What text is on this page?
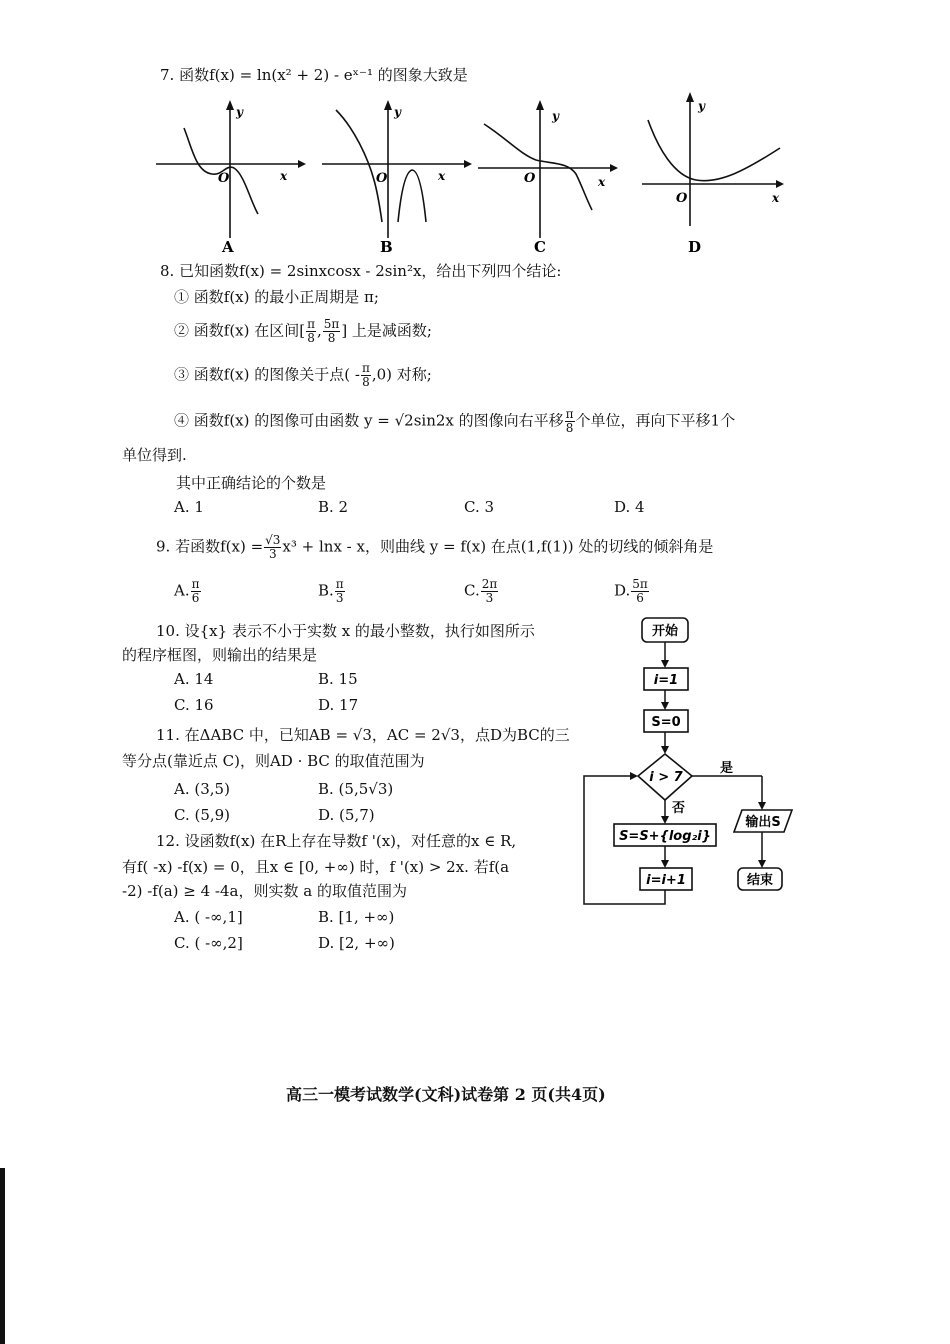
7. 函数f(x) = ln(x² + 2) - eˣ⁻¹ 的图象大致是
y
x
O
A
y
x
O
B
y
x
O
C
y
x
O
D
8. 已知函数f(x) = 2sinxcosx - 2sin²x，给出下列四个结论:
① 函数f(x) 的最小正周期是 π;
② 函数f(x) 在区间[ $\frac{\pi}{8}$ , $\frac{5\pi}{8}$ ] 上是减函数;
③ 函数f(x) 的图像关于点( - $\frac{\pi}{8} ,0$) 对称;
④ 函数f(x) 的图像可由函数 y = √2sin2x 的图像向右平移 $\frac{\pi}{8}$ 个单位，再向下平移1个
单位得到.
其中正确结论的个数是
A. 1	B. 2	C. 3	D. 4
9. 若函数$f(x) = \frac{√3}{3} x^3 + \ln x - x$，则曲线 y = f(x) 在点(1,f(1)) 处的切线的倾斜角是
A. $\frac{\pi}{6}$	B. $\frac{\pi}{3}$	C. $\frac{2\pi}{3}$	D. $\frac{5\pi}{6}$
10. 设{x} 表示不小于实数 x 的最小整数，执行如图所示
的程序框图，则输出的结果是
A. 14	B. 15
C. 16	D. 17
11. 在ΔABC 中，已知AB = √3，AC = 2√3，点D为BC的三
等分点(靠近点 C)，则AD · BC 的取值范围为
A. (3,5)	B. (5,5√3)
C. (5,9)	D. (5,7)
12. 设函数f(x) 在R上存在导数f '(x)，对任意的x ∈ R,
有f( -x) -f(x) = 0，且x ∈ [0, +∞) 时，f '(x) > 2x. 若f(a
-2) -f(a) ≥ 4 -4a，则实数 a 的取值范围为
A. ( -∞,1]	B. [1, +∞)
C. ( -∞,2]	D. [2, +∞)
开始
i=1
S=0
i > 7
是
输出S
结束
否
S=S+{log₂i}
i=i+1
高三一模考试数学(文科)试卷第 2 页(共4页)
